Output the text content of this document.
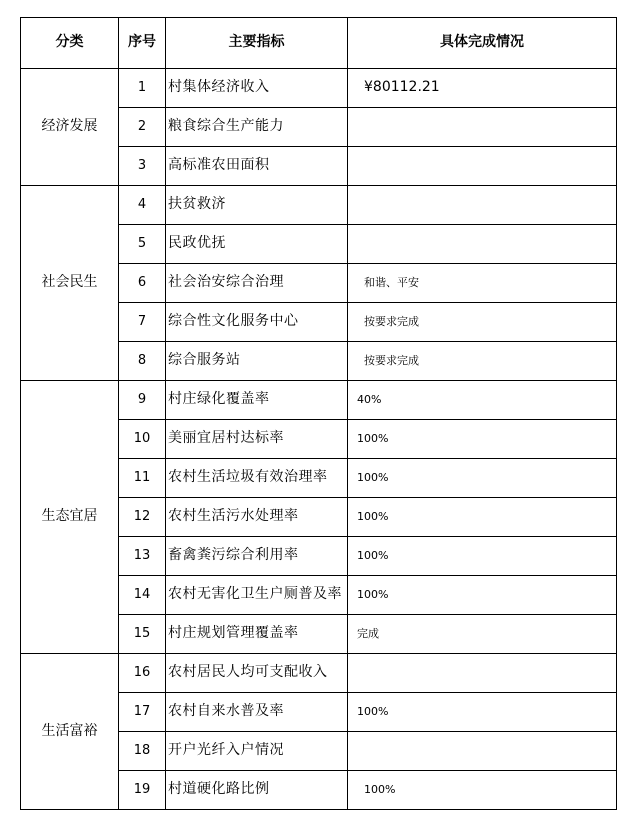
分类	序号	主要指标	具体完成情况
经济发展	1	村集体经济收入	¥80112.21
	2	粮食综合生产能力	
	3	高标准农田面积	
社会民生	4	扶贫救济	
	5	民政优抚	
	6	社会治安综合治理	和谐、平安
	7	综合性文化服务中心	按要求完成
	8	综合服务站	按要求完成
生态宜居	9	村庄绿化覆盖率	40%
	10	美丽宜居村达标率	100%
	11	农村生活垃圾有效治理率	100%
	12	农村生活污水处理率	100%
	13	畜禽粪污综合利用率	100%
	14	农村无害化卫生户厕普及率	100%
	15	村庄规划管理覆盖率	完成
生活富裕	16	农村居民人均可支配收入	
	17	农村自来水普及率	100%
	18	开户光纤入户情况	
	19	村道硬化路比例	100%
